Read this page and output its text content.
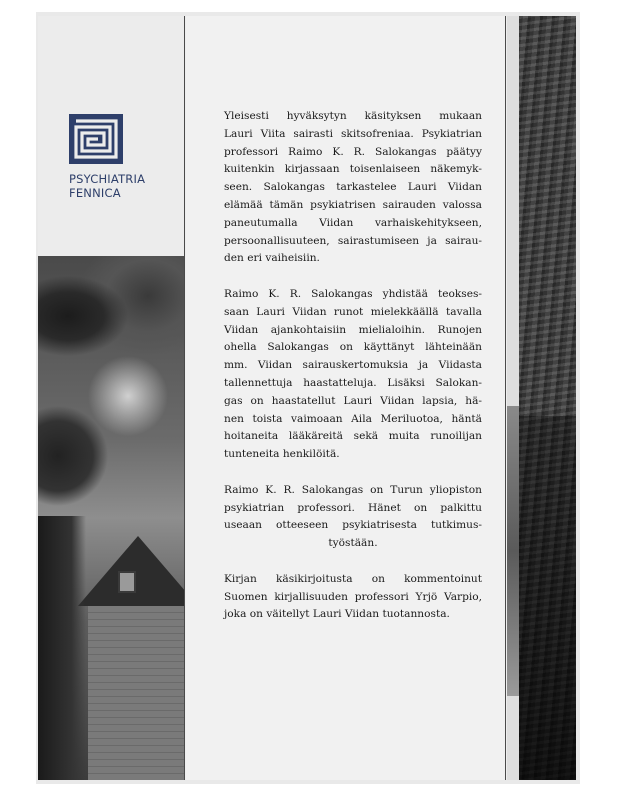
PSYCHIATRIA
FENNICA

Yleisesti hyväksytyn käsityksen mukaan
Lauri Viita sairasti skitsofreniaa. Psykiatrian
professori Raimo K. R. Salokangas päätyy
kuitenkin kirjassaan toisenlaiseen näkemyk-
seen. Salokangas tarkastelee Lauri Viidan
elämää tämän psykiatrisen sairauden valossa
paneutumalla Viidan varhaiskehitykseen,
persoonallisuuteen, sairastumiseen ja sairau-
den eri vaiheisiin.

Raimo K. R. Salokangas yhdistää teokses-
saan Lauri Viidan runot mielekkäällä tavalla
Viidan ajankohtaisiin mielialoihin. Runojen
ohella Salokangas on käyttänyt lähteinään
mm. Viidan sairauskertomuksia ja Viidasta
tallennettuja haastatteluja. Lisäksi Salokan-
gas on haastatellut Lauri Viidan lapsia, hä-
nen toista vaimoaan Aila Meriluotoa, häntä
hoitaneita lääkäreitä sekä muita runoilijan
tunteneita henkilöitä.

Raimo K. R. Salokangas on Turun yliopiston
psykiatrian professori. Hänet on palkittu
useaan otteeseen psykiatrisesta tutkimus-
työstään.

Kirjan käsikirjoitusta on kommentoinut
Suomen kirjallisuuden professori Yrjö Varpio,
joka on väitellyt Lauri Viidan tuotannosta.
